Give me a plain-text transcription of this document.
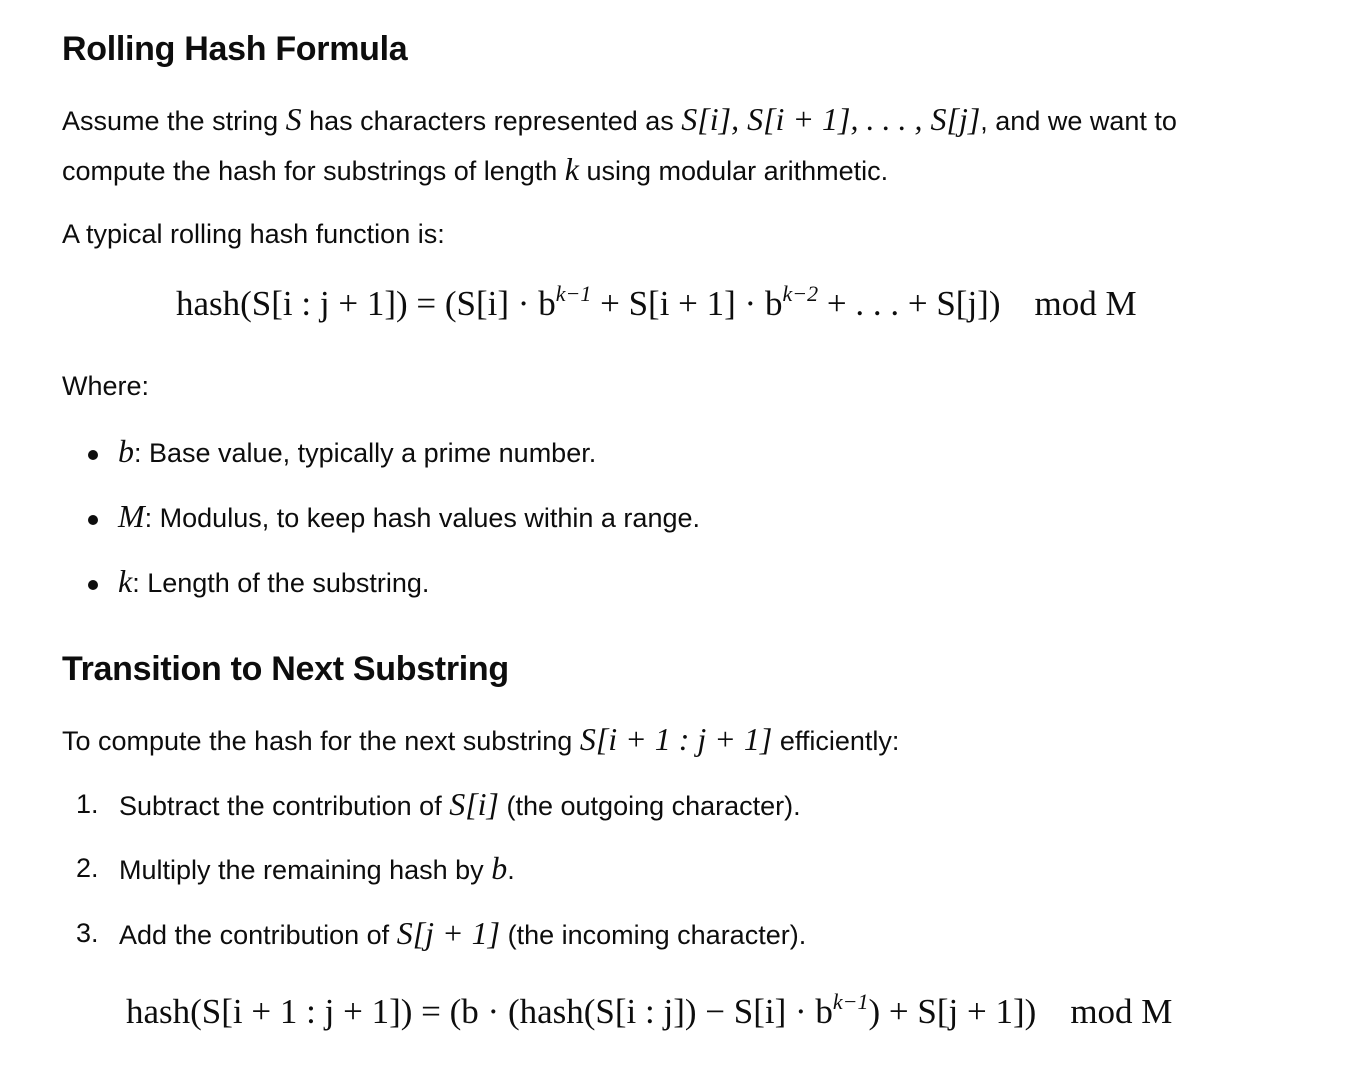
Rolling Hash Formula

Assume the string S has characters represented as S[i], S[i + 1], . . . , S[j], and we want to

compute the hash for substrings of length k using modular arithmetic.

A typical rolling hash function is:

hash(S[i : $j + 1]) = (S[i] \cdot b^{k-1} + S[i + 1] \cdot b^{k-2}$ + . . . + S[j]) mod M

Where:

b: Base value, typically a prime number.
M: Modulus, to keep hash values within a range.
k: Length of the substring.
Transition to Next Substring

To compute the hash for the next substring S[i + 1 : j + 1] efficiently:

1. Subtract the contribution of S[i] (the outgoing character).
2. Multiply the remaining hash by b.
3. Add the contribution of S[j + 1] (the incoming character).
hash(S[i + 1 : j + 1]) = (b · (hash(S[i : $j]) - S[i] \cdot b^{k-1}) + S[j + 1]$) mod M
